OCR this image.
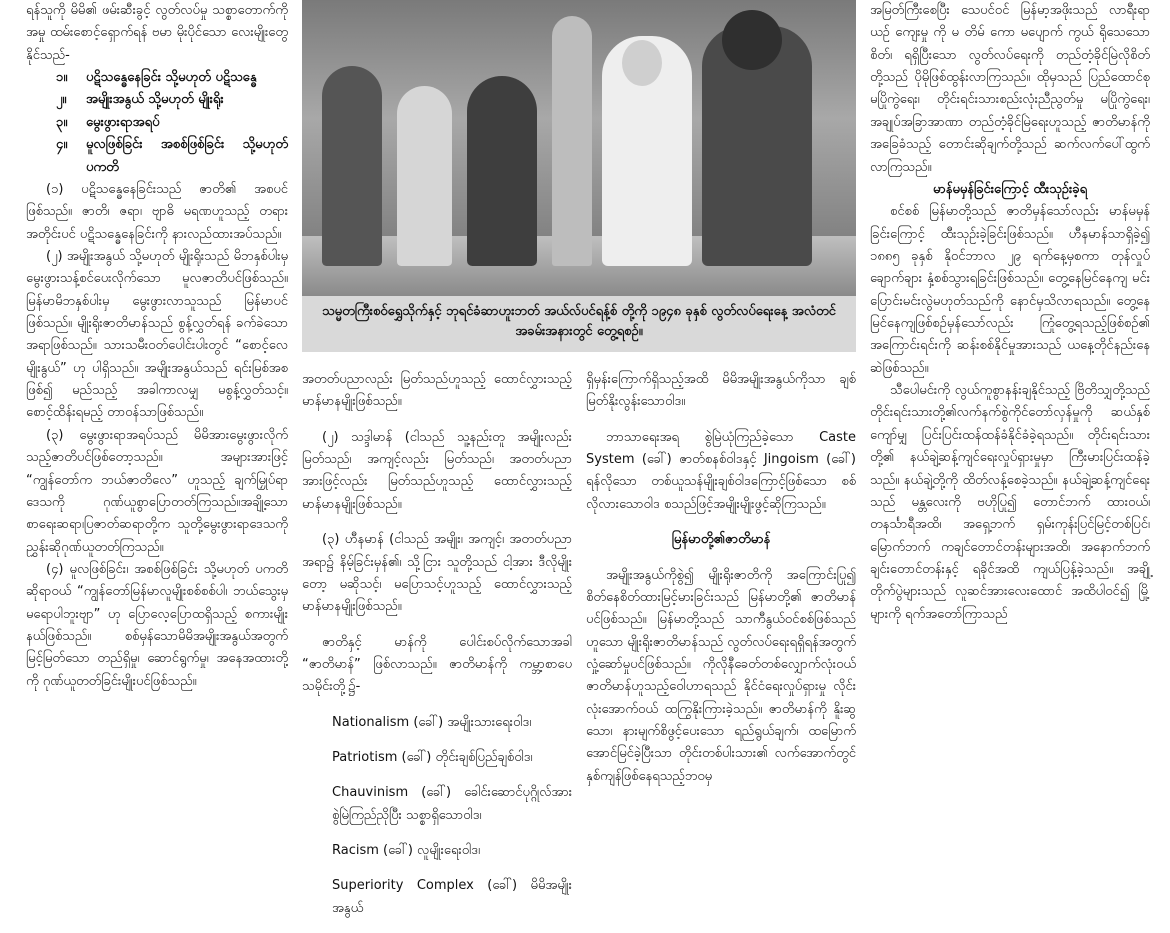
ရန်သူကို မိမိ၏ ဖမ်းဆီးခွင့် လွတ်လပ်မှု သစ္စာတောက်ကို အမှု ထမ်းစောင့်ရှောက်ရန် ဗမာ မိုးပိုင်သော လေးမျိုးတွေနိုင်သည်-

၁။	ပဋိသန္ဓေနေခြင်း သို့မဟုတ် ပဋိသန္ဓေ
၂။	အမျိုးအနွယ် သို့မဟုတ် မျိုးရိုး
၃။	မွေးဖွားရာအရပ်
၄။	မူလဖြစ်ခြင်း အစစ်ဖြစ်ခြင်း သို့မဟုတ် ပကတိ

(၁) ပဋိသန္ဓေနေခြင်းသည် ဇာတိ၏ အစပင်ဖြစ်သည်။ ဇာတိ၊ ဇရာ၊ ဗျာဓိ မရဏဟူသည့် တရားအတိုင်းပင် ပဋိသန္ဓေနေခြင်းကို နားလည်ထားအပ်သည်။

(၂) အမျိုးအနွယ် သို့မဟုတ် မျိုးရိုးသည် မိဘနှစ်ပါးမှ မွေးဖွားသန့်စင်ပေးလိုက်သော မူလဇာတိပင်ဖြစ်သည်။ မြန်မာမိဘနှစ်ပါးမှ မွေးဖွားလာသူသည် မြန်မာပင်ဖြစ်သည်။ မျိုးရိုးဇာတိမာန်သည် စွန့်လွှတ်ရန် ခက်ခဲသောအရာဖြစ်သည်။ သားသမီးဝတ်ပေါင်းပါးတွင် “စောင့်လေမျိုးနွယ်” ဟု ပါရှိသည်။ အမျိုးအနွယ်သည် ရင်းမြစ်အစဖြစ်၍ မည်သည့် အခါကာလမျှ မစွန့်လွှတ်သင့်။ စောင့်ထိန်းရမည့် တာဝန်သာဖြစ်သည်။

(၃) မွေးဖွားရာအရပ်သည် မိမိအားမွေးဖွားလိုက်သည့်ဇာတိပင်ဖြစ်တော့သည်။ အများအားဖြင့် “ကျွန်တော်က ဘယ်ဇာတိလေ” ဟူသည့် ချက်မြှုပ်ရာဒေသကို ဂုဏ်ယူစွာပြောတတ်ကြသည်။အချို့သော စာရေးဆရာ၊ပြဇာတ်ဆရာတို့က သူတို့မွေးဖွားရာဒေသကို ညွှန်းဆိုဂုဏ်ယူတတ်ကြသည်။

(၄) မူလဖြစ်ခြင်း၊ အစစ်ဖြစ်ခြင်း သို့မဟုတ် ပကတိဆိုရာဝယ် “ကျွန်တော်မြန်မာလူမျိုးစစ်စစ်ပါ၊ ဘယ်သွေးမှ မရောပါဘူးဗျာ” ဟု ပြောလေ့ပြောထရှိသည့် စကားမျိုးနယ်ဖြစ်သည်။ စစ်မှန်သောမိမိအမျိုးအနွယ်အတွက် မြင့်မြတ်သော တည်ရှိမှု၊ ဆောင်ရွက်မှု၊ အနေအထားတို့ကို ဂုဏ်ယူတတ်ခြင်းမျိုးပင်ဖြစ်သည်။

သမ္မတကြီးစဝ်ရွှေသိုက်နှင့် ဘုရင်ခံဆာဟူးဘတ် အယ်လ်ပင်ရန့်စ် တို့ကို ၁၉၄၈ ခုနှစ် လွတ်လပ်ရေးနေ့ အလံတင်အခမ်းအနားတွင် တွေ့ရစဉ်။

အတတ်ပညာလည်း မြတ်သည်ဟူသည့် ထောင်လွှားသည့် မာန်မာနမျိုးဖြစ်သည်။

(၂) သဒ္ဒါမာန် (ငါသည် သူ့နည်းတူ အမျိုးလည်း မြတ်သည်၊ အကျင့်လည်း မြတ်သည်၊ အတတ်ပညာအားဖြင့်လည်း မြတ်သည်ဟူသည့် ထောင်လွှားသည့် မာန်မာနမျိုးဖြစ်သည်။

(၃) ဟီနမာန် (ငါသည် အမျိုး၊ အကျင့်၊ အတတ်ပညာအရာ၌ နိမ့်ခြင်းမှန်၏၊ သို့ငြား သူတို့သည် ငါ့အား ဒီလိုမျိုးတော့ မဆိုသင့်၊ မပြောသင့်ဟူသည့် ထောင်လွှားသည့်မာန်မာနမျိုးဖြစ်သည်။

ဇာတိနှင့် မာန်ကို ပေါင်းစပ်လိုက်သောအခါ “ဇာတိမာန်” ဖြစ်လာသည်။ ဇာတိမာန်ကို ကမ္ဘာ့စာပေသမိုင်းတို့၌-

Nationalism (ခေါ်) အမျိုးသားရေးဝါဒ၊

Patriotism (ခေါ်) တိုင်းချစ်ပြည်ချစ်ဝါဒ၊

Chauvinism (ခေါ်) ခေါင်းဆောင်ပုဂ္ဂိုလ်အား စွဲမြဲကြည်ညိုပြီး သစ္စာရှိသောဝါဒ၊

Racism (ခေါ်) လူမျိုးရေးဝါဒ၊

Superiority Complex (ခေါ်) မိမိအမျိုးအနွယ်

ရှိမှန်းကြောက်ရှိသည့်အထိ မိမိအမျိုးအနွယ်ကိုသာ ချစ်မြတ်နိုးလွန်းသောဝါဒ။

ဘာသာရေးအရ စွဲမြဲယုံကြည်ခဲ့သော Caste System (ခေါ်) ဇာတ်စနစ်ဝါဒနှင့် Jingoism (ခေါ်) ရန်လိုသော တစ်ယူသန်မျိုးချစ်ဝါဒကြောင့်ဖြစ်သော စစ်လိုလားသောဝါဒ စသည်ဖြင့်အမျိုးမျိုးဖွင့်ဆိုကြသည်။

မြန်မာတို့၏ဇာတိမာန်

အမျိုးအနွယ်ကိုစွဲ၍ မျိုးရိုးဇာတိကို အကြောင်းပြု၍ စိတ်နေစိတ်ထားမြင့်မားခြင်းသည် မြန်မာတို့၏ ဇာတိမာန်ပင်ဖြစ်သည်။ မြန်မာတို့သည် သာကီနွယ်ဝင်စစ်ဖြစ်သည်ဟူသော မျိုးရိုးဇာတိမာန်သည် လွတ်လပ်ရေးရရှိရန်အတွက် လှုံ့ဆော်မှုပင်ဖြစ်သည်။ ကိုလိုနီခေတ်တစ်လျှောက်လုံးဝယ် ဇာတိမာန်ဟူသည့်ဝေါဟာရသည် နိုင်ငံရေးလှုပ်ရှားမှု လိုင်းလုံးအောက်ဝယ် ထကြွနိုးကြားခဲ့သည်။ ဇာတိမာန်ကို နိူးဆွသော၊ နားမျက်စိဖွင့်ပေးသော ရည်ရွယ်ချက်၊ ထမြောက်အောင်မြင်ခဲ့ပြီးသာ တိုင်းတစ်ပါးသား၏ လက်အောက်တွင် နှစ်ကျန်ဖြစ်နေရသည့်ဘဝမှ

အမြတ်ကြီးစေပြီး သေ​ပင်ဝင် မြန်မာ့အဖိုးသည် လာရီးရာ ယဉ် ကျေးမှု ကို မ တိမ် ကော မပျောက် ကွယ် ရိုသေသောစိတ်၊ ရရှိပြီးသော လွတ်လပ်ရေးကို တည်တံ့ခိုင်မြဲလိုစိတ်တို့သည် ပိုမိုဖြစ်ထွန်းလာကြသည်။ ထိုမှသည် ပြည်ထောင်စု မပြိုကွဲရေး၊ တိုင်းရင်းသားစည်းလုံးညီညွတ်မှု မပြိုကွဲရေး၊ အချုပ်အခြာအာဏာ တည်တံ့ခိုင်မြဲရေးဟူသည့် ဇာတိမာန်ကိုအခြေခံသည့် တောင်းဆိုချက်တို့သည် ဆက်လက်ပေါ်ထွက်လာကြသည်။

မာန်မမှန်ခြင်းကြောင့် ထီးသုဉ်းခဲ့ရ

စင်စစ် မြန်မာတို့သည် ဇာတိမှန်သော်လည်း မာန်မမှန်ခြင်းကြောင့် ထီးသုဉ်းခဲ့ခြင်းဖြစ်သည်။ ဟီနမာန်သာရှိခဲ့၍ ၁၈၈၅ ခုနှစ် နိုဝင်ဘာလ ၂၉ ရက်နေ့မှစကာ တုန်လှုပ်ချောက်ချား နှံ့စစ်သွားရခြင်းဖြစ်သည်။ တွေ့နေမြင်နေကျ မင်းပြောင်းမင်းလွဲမဟုတ်သည်ကို နောင်မှသိလာရသည်။ တွေ့နေမြင်နေကျဖြစ်စဉ်မှန်သော်လည်း ကြုံတွေ့ရသည့်ဖြစ်စဉ်၏ အကြောင်းရင်းကို ဆန်းစစ်နိုင်မှုအားသည် ယနေ့တိုင်နည်းနေဆဲဖြစ်သည်။

သီပေါမင်းကို လွယ်ကူစွာနန်းချနိုင်သည့် ဗြိတိသျှတို့သည် တိုင်းရင်းသားတို့၏လက်နက်စွဲကိုင်တော်လှန်မှုကို ဆယ်နှစ်ကျော်မျှ ပြင်းပြင်းထန်ထန်ခံနိုင်ခံခဲ့ရသည်။ တိုင်းရင်းသားတို့၏ နယ်ချဲ့ဆန့်ကျင်ရေးလှုပ်ရှားမှုမှာ ကြီးမားပြင်းထန်ခဲ့သည်။ နယ်ချဲ့တို့ကို ထိတ်လန့်စေခဲ့သည်။ နယ်ချဲ့ဆန့်ကျင်ရေးသည် မန္တလေးကို ဗဟိုပြု၍ တောင်ဘက် ထားဝယ်၊ တနင်္သာရီအထိ၊ အရှေ့ဘက် ရှမ်းကုန်းပြင်မြင့်တစ်ပြင်၊ မြောက်ဘက် ကချင်တောင်တန်းများအထိ၊ အနောက်ဘက် ချင်းတောင်တန်းနှင့် ရခိုင်အထိ ကျယ်ပြန့်ခဲ့သည်။ အချို့တိုက်ပွဲများသည် လူဆင်အားလေးထောင် အထိပါဝင်၍ မြို့များကို ရက်အတော်ကြာသည်
